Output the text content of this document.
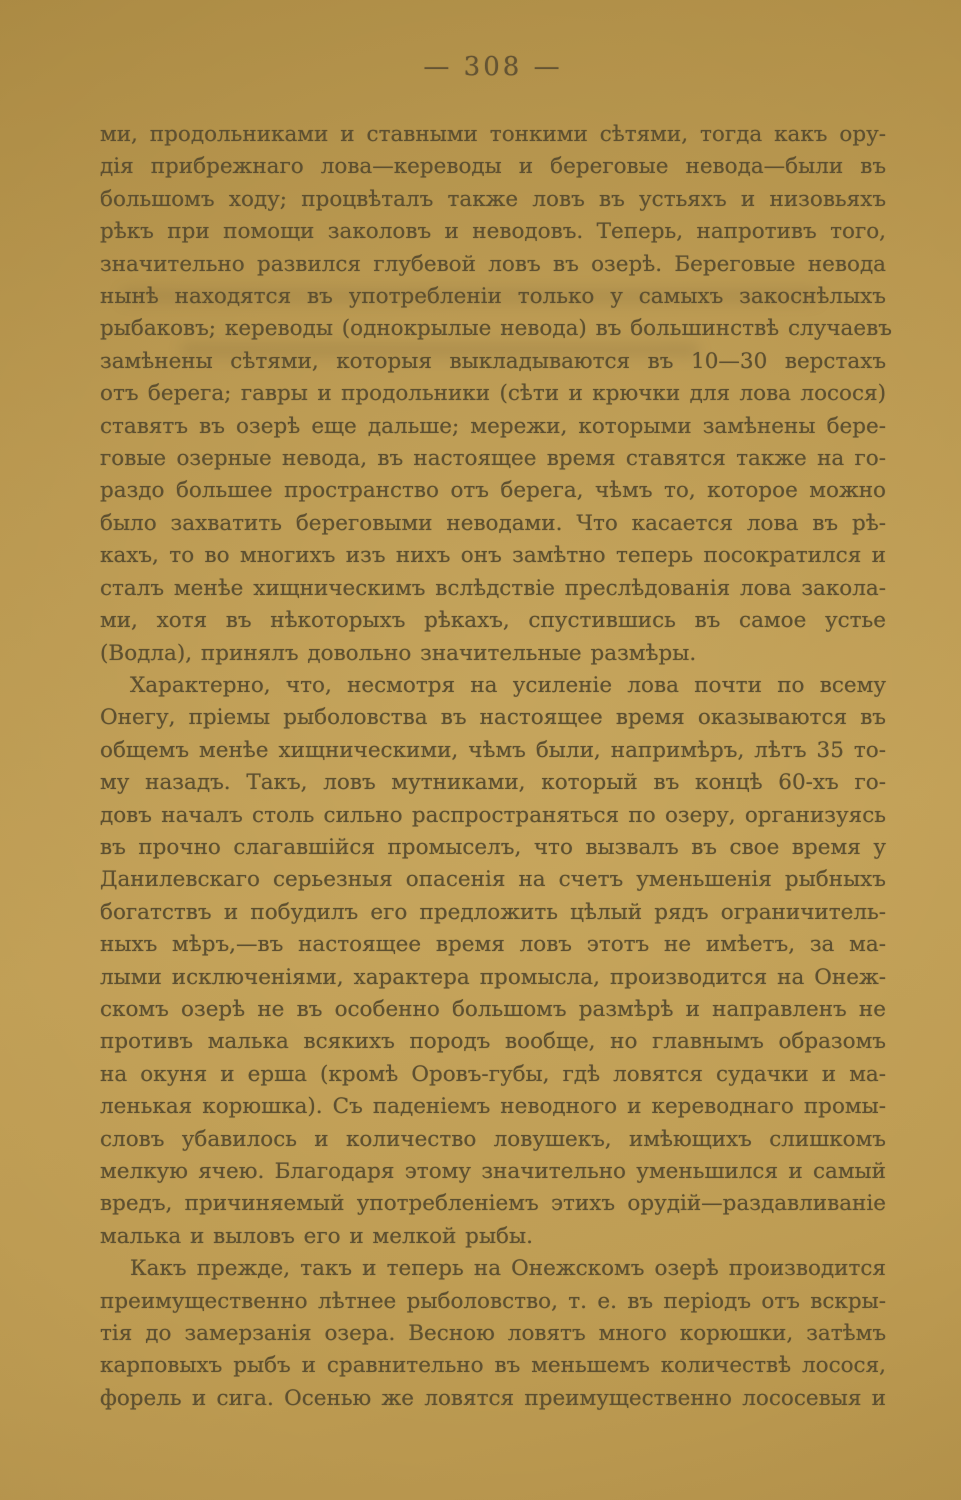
— 308 —
ми, продольниками и ставными тонкими сѣтями, тогда какъ ору-
дія прибрежнаго лова—кереводы и береговые невода—были въ
большомъ ходу; процвѣталъ также ловъ въ устьяхъ и низовьяхъ
рѣкъ при помощи заколовъ и неводовъ. Теперь, напротивъ того,
значительно развился глубевой ловъ въ озерѣ. Береговые невода
нынѣ находятся въ употребленіи только у самыхъ закоснѣлыхъ
рыбаковъ; кереводы (однокрылые невода) въ большинствѣ случаевъ
замѣнены сѣтями, которыя выкладываются въ 10—30 верстахъ
отъ берега; гавры и продольники (сѣти и крючки для лова лосося)
ставятъ въ озерѣ еще дальше; мережи, которыми замѣнены бере-
говые озерные невода, въ настоящее время ставятся также на го-
раздо большее пространство отъ берега, чѣмъ то, которое можно
было захватить береговыми неводами. Что касается лова въ рѣ-
кахъ, то во многихъ изъ нихъ онъ замѣтно теперь посократился и
сталъ менѣе хищническимъ вслѣдствіе преслѣдованія лова закола-
ми, хотя въ нѣкоторыхъ рѣкахъ, спустившись въ самое устье
(Водла), принялъ довольно значительные размѣры.
Характерно, что, несмотря на усиленіе лова почти по всему
Онегу, пріемы рыболовства въ настоящее время оказываются въ
общемъ менѣе хищническими, чѣмъ были, напримѣръ, лѣтъ 35 то-
му назадъ. Такъ, ловъ мутниками, который въ концѣ 60-хъ го-
довъ началъ столь сильно распространяться по озеру, организуясь
въ прочно слагавшійся промыселъ, что вызвалъ въ свое время у
Данилевскаго серьезныя опасенія на счетъ уменьшенія рыбныхъ
богатствъ и побудилъ его предложить цѣлый рядъ ограничитель-
ныхъ мѣръ,—въ настоящее время ловъ этотъ не имѣетъ, за ма-
лыми исключеніями, характера промысла, производится на Онеж-
скомъ озерѣ не въ особенно большомъ размѣрѣ и направленъ не
противъ малька всякихъ породъ вообще, но главнымъ образомъ
на окуня и ерша (кромѣ Оровъ-губы, гдѣ ловятся судачки и ма-
ленькая корюшка). Съ паденіемъ неводного и кереводнаго промы-
словъ убавилось и количество ловушекъ, имѣющихъ слишкомъ
мелкую ячею. Благодаря этому значительно уменьшился и самый
вредъ, причиняемый употребленіемъ этихъ орудій—раздавливаніе
малька и выловъ его и мелкой рыбы.
Какъ прежде, такъ и теперь на Онежскомъ озерѣ производится
преимущественно лѣтнее рыболовство, т. е. въ періодъ отъ вскры-
тія до замерзанія озера. Весною ловятъ много корюшки, затѣмъ
карповыхъ рыбъ и сравнительно въ меньшемъ количествѣ лосося,
форель и сига. Осенью же ловятся преимущественно лососевыя и
